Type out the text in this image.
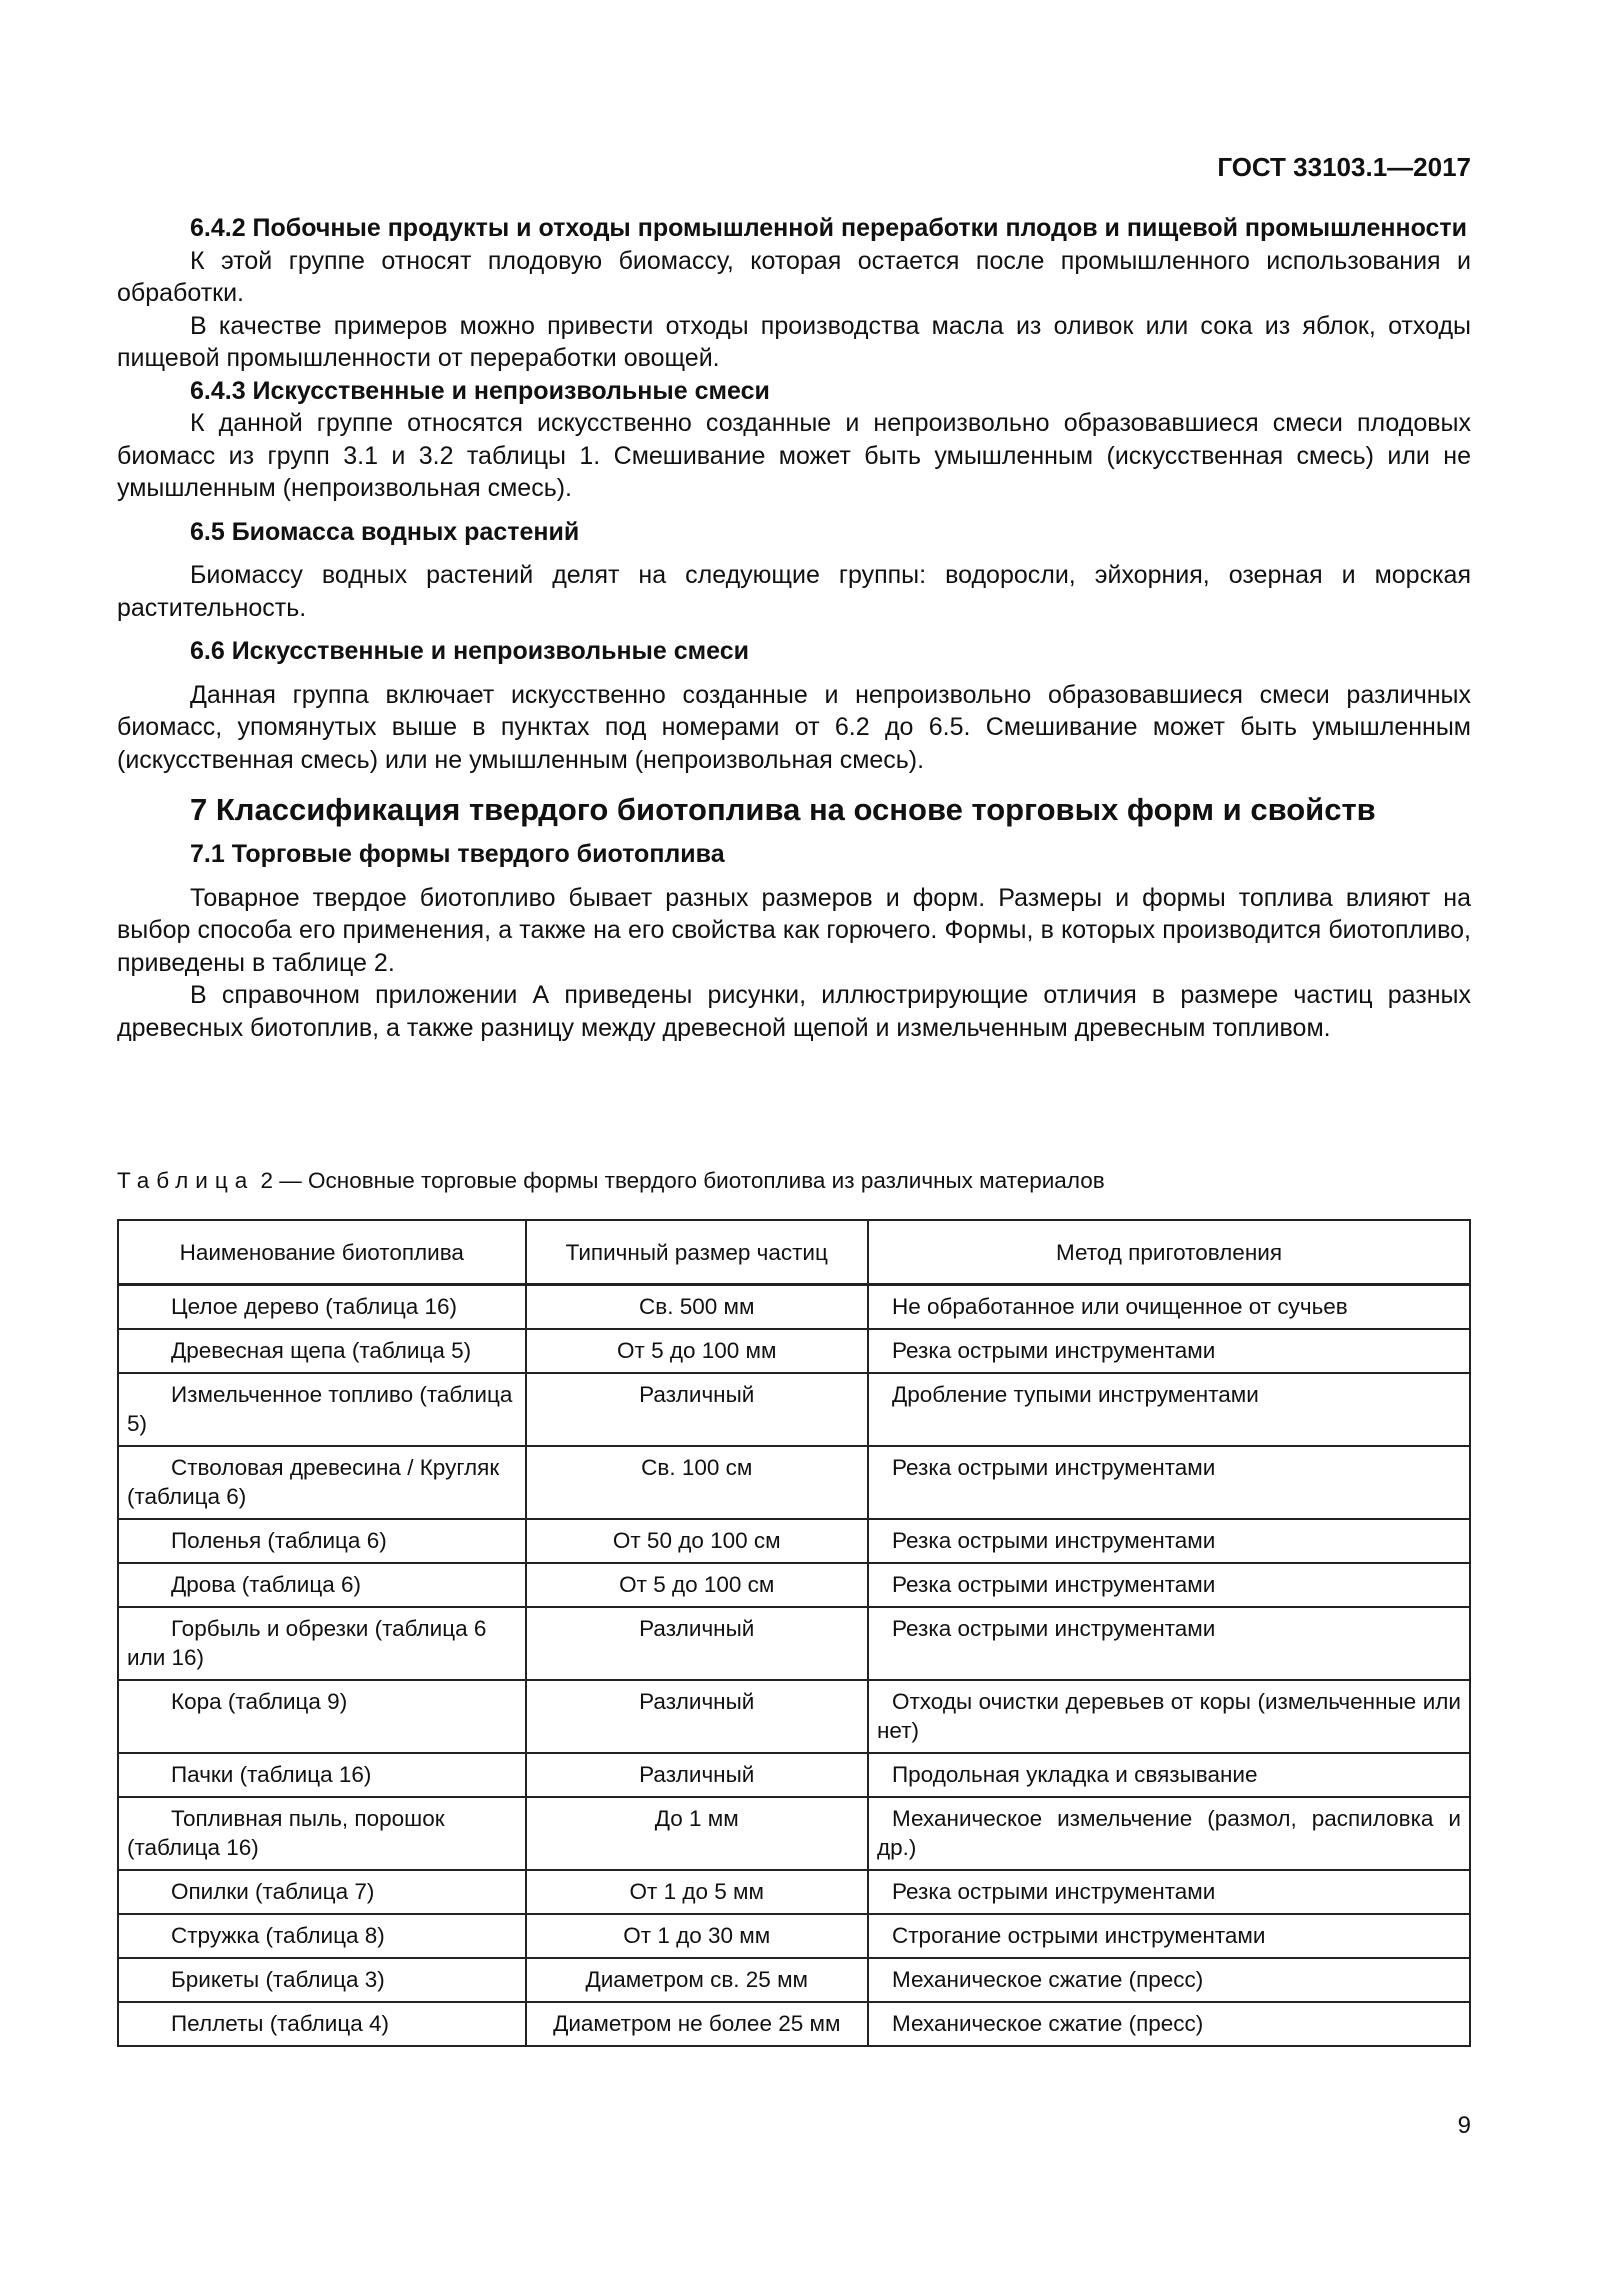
ГОСТ 33103.1—2017

6.4.2 Побочные продукты и отходы промышленной переработки плодов и пищевой промышленности

К этой группе относят плодовую биомассу, которая остается после промышленного использования и обработки.

В качестве примеров можно привести отходы производства масла из оливок или сока из яблок, отходы пищевой промышленности от переработки овощей.

6.4.3 Искусственные и непроизвольные смеси

К данной группе относятся искусственно созданные и непроизвольно образовавшиеся смеси плодовых биомасс из групп 3.1 и 3.2 таблицы 1. Смешивание может быть умышленным (искусственная смесь) или не умышленным (непроизвольная смесь).

6.5 Биомасса водных растений

Биомассу водных растений делят на следующие группы: водоросли, эйхорния, озерная и морская растительность.

6.6 Искусственные и непроизвольные смеси

Данная группа включает искусственно созданные и непроизвольно образовавшиеся смеси различных биомасс, упомянутых выше в пунктах под номерами от 6.2 до 6.5. Смешивание может быть умышленным (искусственная смесь) или не умышленным (непроизвольная смесь).

7 Классификация твердого биотоплива на основе торговых форм и свойств

7.1 Торговые формы твердого биотоплива

Товарное твердое биотопливо бывает разных размеров и форм. Размеры и формы топлива влияют на выбор способа его применения, а также на его свойства как горючего. Формы, в которых производится биотопливо, приведены в таблице 2.

В справочном приложении А приведены рисунки, иллюстрирующие отличия в размере частиц разных древесных биотоплив, а также разницу между древесной щепой и измельченным древесным топливом.

Таблица 2 — Основные торговые формы твердого биотоплива из различных материалов
Наименование биотоплива	Типичный размер частиц	Метод приготовления
Целое дерево (таблица 16)	Св. 500 мм	Не обработанное или очищенное от сучьев
Древесная щепа (таблица 5)	От 5 до 100 мм	Резка острыми инструментами
Измельченное топливо (таблица 5)	Различный	Дробление тупыми инструментами
Стволовая древесина / Кругляк (таблица 6)	Св. 100 см	Резка острыми инструментами
Поленья (таблица 6)	От 50 до 100 см	Резка острыми инструментами
Дрова (таблица 6)	От 5 до 100 см	Резка острыми инструментами
Горбыль и обрезки (таблица 6 или 16)	Различный	Резка острыми инструментами
Кора (таблица 9)	Различный	Отходы очистки деревьев от коры (измельченные или нет)
Пачки (таблица 16)	Различный	Продольная укладка и связывание
Топливная пыль, порошок (таблица 16)	До 1 мм	Механическое измельчение (размол, распиловка и др.)
Опилки (таблица 7)	От 1 до 5 мм	Резка острыми инструментами
Стружка (таблица 8)	От 1 до 30 мм	Строгание острыми инструментами
Брикеты (таблица 3)	Диаметром св. 25 мм	Механическое сжатие (пресс)
Пеллеты (таблица 4)	Диаметром не более 25 мм	Механическое сжатие (пресс)
9
